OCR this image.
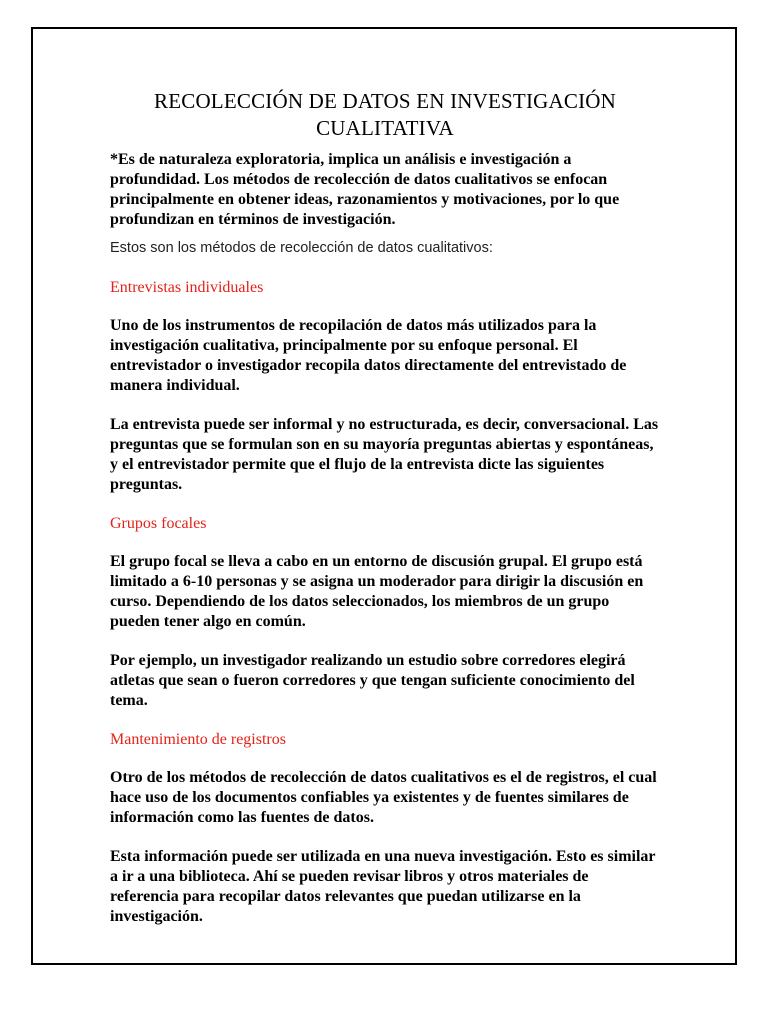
RECOLECCIÓN DE DATOS EN INVESTIGACIÓN CUALITATIVA

*Es de naturaleza exploratoria, implica un análisis e investigación a profundidad. Los métodos de recolección de datos cualitativos se enfocan principalmente en obtener ideas, razonamientos y motivaciones, por lo que profundizan en términos de investigación.

Estos son los métodos de recolección de datos cualitativos:

Entrevistas individuales

Uno de los instrumentos de recopilación de datos más utilizados para la investigación cualitativa, principalmente por su enfoque personal. El entrevistador o investigador recopila datos directamente del entrevistado de manera individual.

La entrevista puede ser informal y no estructurada, es decir, conversacional. Las preguntas que se formulan son en su mayoría preguntas abiertas y espontáneas, y el entrevistador permite que el flujo de la entrevista dicte las siguientes preguntas.

Grupos focales

El grupo focal se lleva a cabo en un entorno de discusión grupal. El grupo está limitado a 6-10 personas y se asigna un moderador para dirigir la discusión en curso. Dependiendo de los datos seleccionados, los miembros de un grupo pueden tener algo en común.

Por ejemplo, un investigador realizando un estudio sobre corredores elegirá atletas que sean o fueron corredores y que tengan suficiente conocimiento del tema.

Mantenimiento de registros

Otro de los métodos de recolección de datos cualitativos es el de registros, el cual hace uso de los documentos confiables ya existentes y de fuentes similares de información como las fuentes de datos.

Esta información puede ser utilizada en una nueva investigación. Esto es similar a ir a una biblioteca. Ahí se pueden revisar libros y otros materiales de referencia para recopilar datos relevantes que puedan utilizarse en la investigación.
